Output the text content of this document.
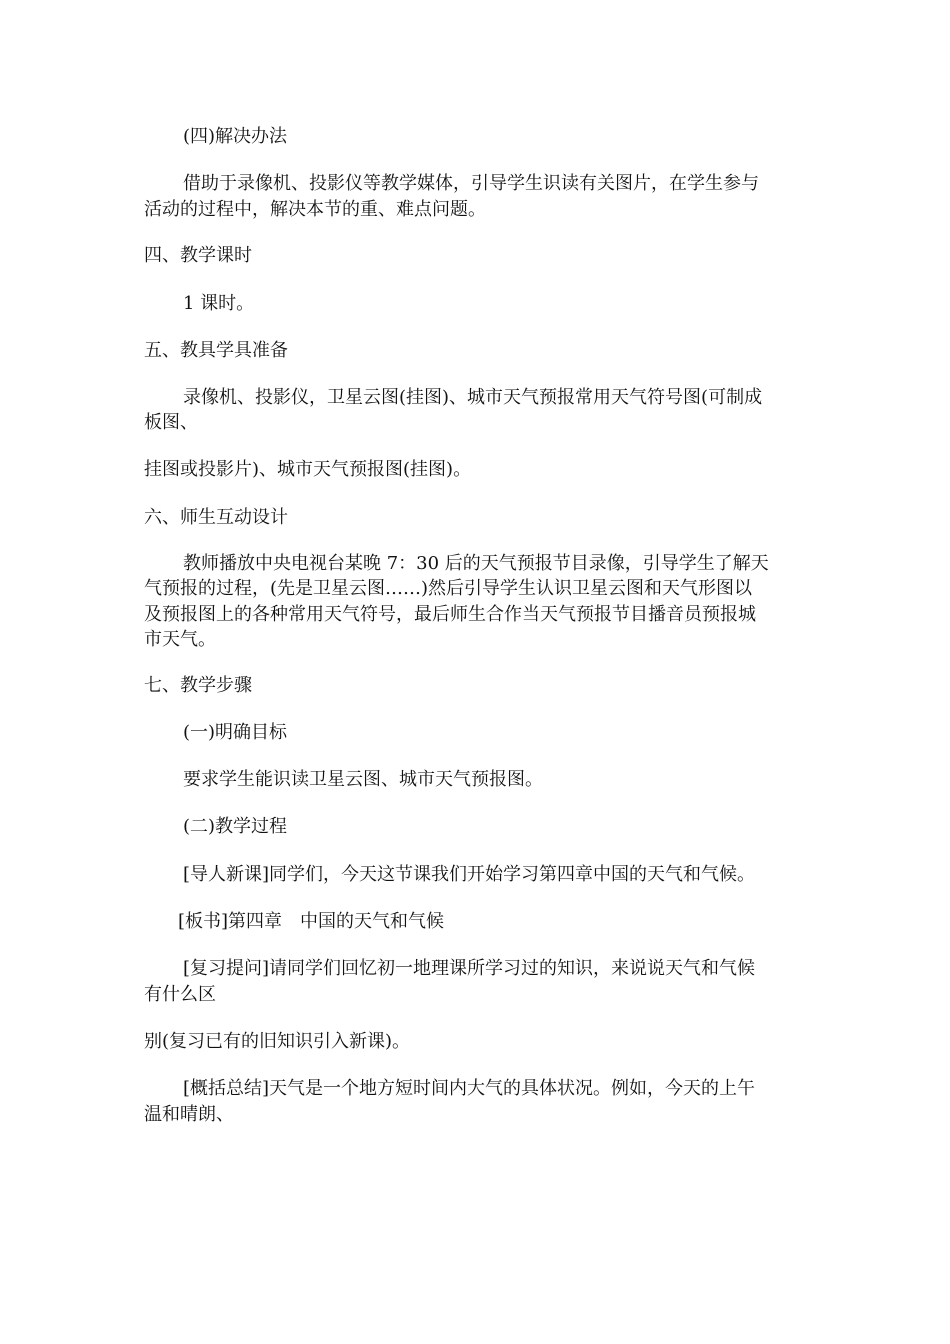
(四)解决办法
借助于录像机、投影仪等教学媒体，引导学生识读有关图片，在学生参与
活动的过程中，解决本节的重、难点问题。
四、教学课时
1 课时。
五、教具学具准备
录像机、投影仪，卫星云图(挂图)、城市天气预报常用天气符号图(可制成
板图、
挂图或投影片)、城市天气预报图(挂图)。
六、师生互动设计
教师播放中央电视台某晚 7：30 后的天气预报节目录像，引导学生了解天
气预报的过程，(先是卫星云图……)然后引导学生认识卫星云图和天气形图以
及预报图上的各种常用天气符号，最后师生合作当天气预报节目播音员预报城
市天气。
七、教学步骤
(一)明确目标
要求学生能识读卫星云图、城市天气预报图。
(二)教学过程
[导人新课]同学们，今天这节课我们开始学习第四章中国的天气和气候。
[板书]第四章　中国的天气和气候
[复习提问]请同学们回忆初一地理课所学习过的知识，来说说天气和气候
有什么区
别(复习已有的旧知识引入新课)。
[概括总结]天气是一个地方短时间内大气的具体状况。例如，今天的上午
温和晴朗、
